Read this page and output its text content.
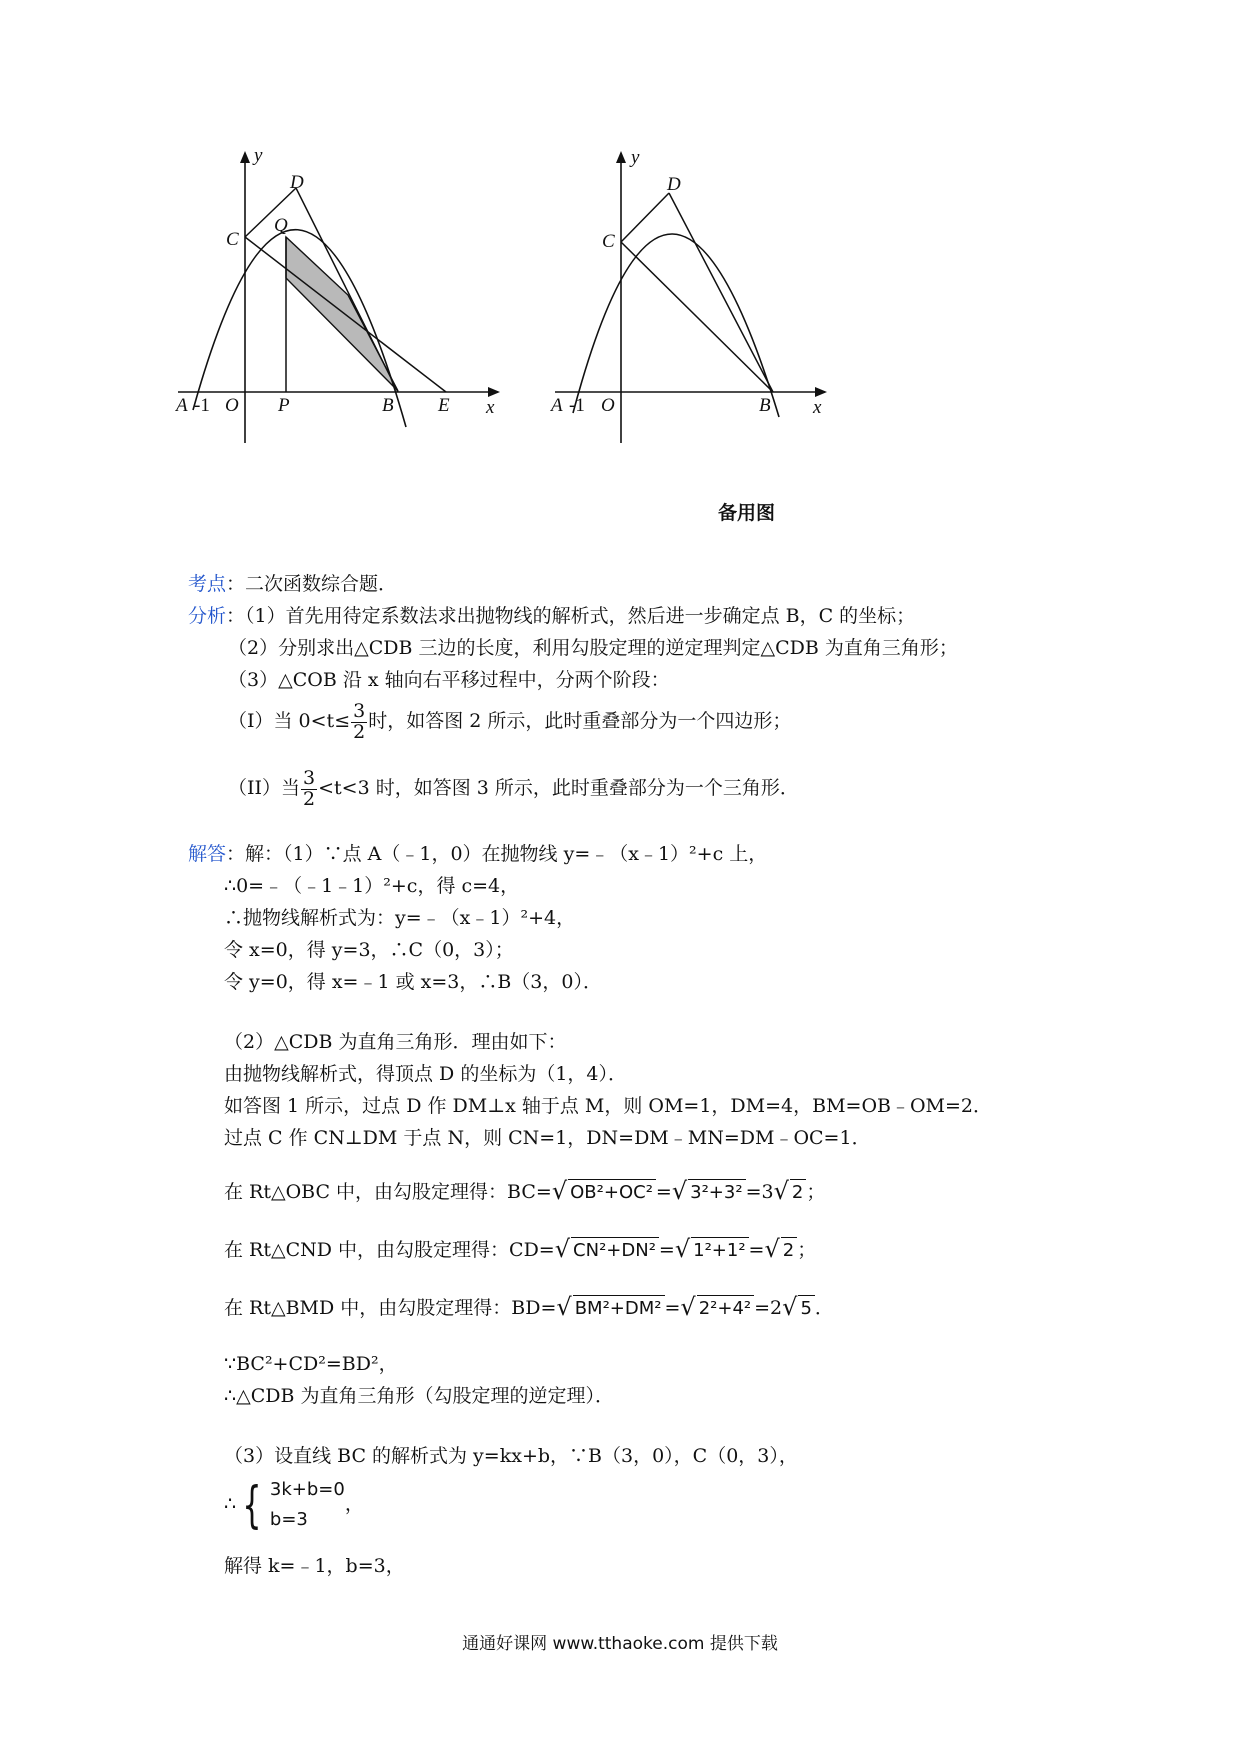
y
x
A -1 O P	B E
C
D
Q
y
x
A -1 O	B
C
D
备用图
考点：二次函数综合题．
分析：（1）首先用待定系数法求出抛物线的解析式，然后进一步确定点 B，C 的坐标；
（2）分别求出△CDB 三边的长度，利用勾股定理的逆定理判定△CDB 为直角三角形；
（3）△COB 沿 x 轴向右平移过程中，分两个阶段：
（I）当 $0<t\le \frac{3}{2}$ 时，如答图 2 所示，此时重叠部分为一个四边形；
（II）当 $\frac{3}{2} <t<3$ 时，如答图 3 所示，此时重叠部分为一个三角形．
解答：解：（1）∵点 A（﹣1，0）在抛物线 y=﹣（x﹣1）²+c 上，
∴0=﹣（﹣1﹣1）²+c，得 c=4，
∴抛物线解析式为：y=﹣（x﹣1）²+4，
令 x=0，得 y=3，∴C（0，3）；
令 y=0，得 x=﹣1 或 x=3，∴B（3，0）．
（2）△CDB 为直角三角形．理由如下：
由抛物线解析式，得顶点 D 的坐标为（1，4）．
如答图 1 所示，过点 D 作 DM⊥x 轴于点 M，则 OM=1，DM=4，BM=OB﹣OM=2．
过点 C 作 CN⊥DM 于点 N，则 CN=1，DN=DM﹣MN=DM﹣OC=1．
在 Rt△OBC 中，由勾股定理得：BC=√ OB²+OC² =√ 3²+3² =3√ 2 ；
在 Rt△CND 中，由勾股定理得：CD=√ CN²+DN² =√ 1²+1² =√ 2 ；
在 Rt△BMD 中，由勾股定理得：BD=√ BM²+DM² =√ 2²+4² =2√ 5 ．
∵BC²+CD²=BD²，
∴△CDB 为直角三角形（勾股定理的逆定理）．
（3）设直线 BC 的解析式为 y=kx+b，∵B（3，0），C（0，3），
∴ { 3k+b=0
b=3
，
解得 k=﹣1，b=3，
通通好课网 www.tthaoke.com 提供下载
